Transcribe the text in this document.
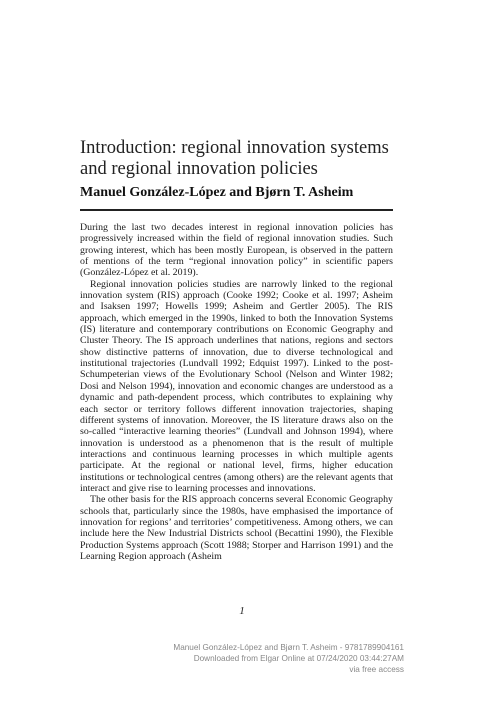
Introduction: regional innovation systems and regional innovation policies
Manuel González-López and Bjørn T. Asheim

During the last two decades interest in regional innovation policies has progressively increased within the field of regional innovation studies. Such growing interest, which has been mostly European, is observed in the pattern of mentions of the term “regional innovation policy” in scientific papers (González-López et al. 2019).

Regional innovation policies studies are narrowly linked to the regional innovation system (RIS) approach (Cooke 1992; Cooke et al. 1997; Asheim and Isaksen 1997; Howells 1999; Asheim and Gertler 2005). The RIS approach, which emerged in the 1990s, linked to both the Innovation Systems (IS) literature and contemporary contributions on Economic Geography and Cluster Theory. The IS approach underlines that nations, regions and sectors show distinctive patterns of innovation, due to diverse technological and institutional trajectories (Lundvall 1992; Edquist 1997). Linked to the post-Schumpeterian views of the Evolutionary School (Nelson and Winter 1982; Dosi and Nelson 1994), innovation and economic changes are understood as a dynamic and path-dependent process, which contributes to explaining why each sector or territory follows different innovation trajectories, shaping different systems of innovation. Moreover, the IS literature draws also on the so-called “interactive learning theories” (Lundvall and Johnson 1994), where innovation is understood as a phenomenon that is the result of multiple interactions and continuous learning processes in which multiple agents participate. At the regional or national level, firms, higher education institutions or technological centres (among others) are the relevant agents that interact and give rise to learning processes and innovations.

The other basis for the RIS approach concerns several Economic Geography schools that, particularly since the 1980s, have emphasised the importance of innovation for regions’ and territories’ competitiveness. Among others, we can include here the New Industrial Districts school (Becattini 1990), the Flexible Production Systems approach (Scott 1988; Storper and Harrison 1991) and the Learning Region approach (Asheim

1
Manuel González-López and Bjørn T. Asheim - 9781789904161
Downloaded from Elgar Online at 07/24/2020 03:44:27AM
via free access
